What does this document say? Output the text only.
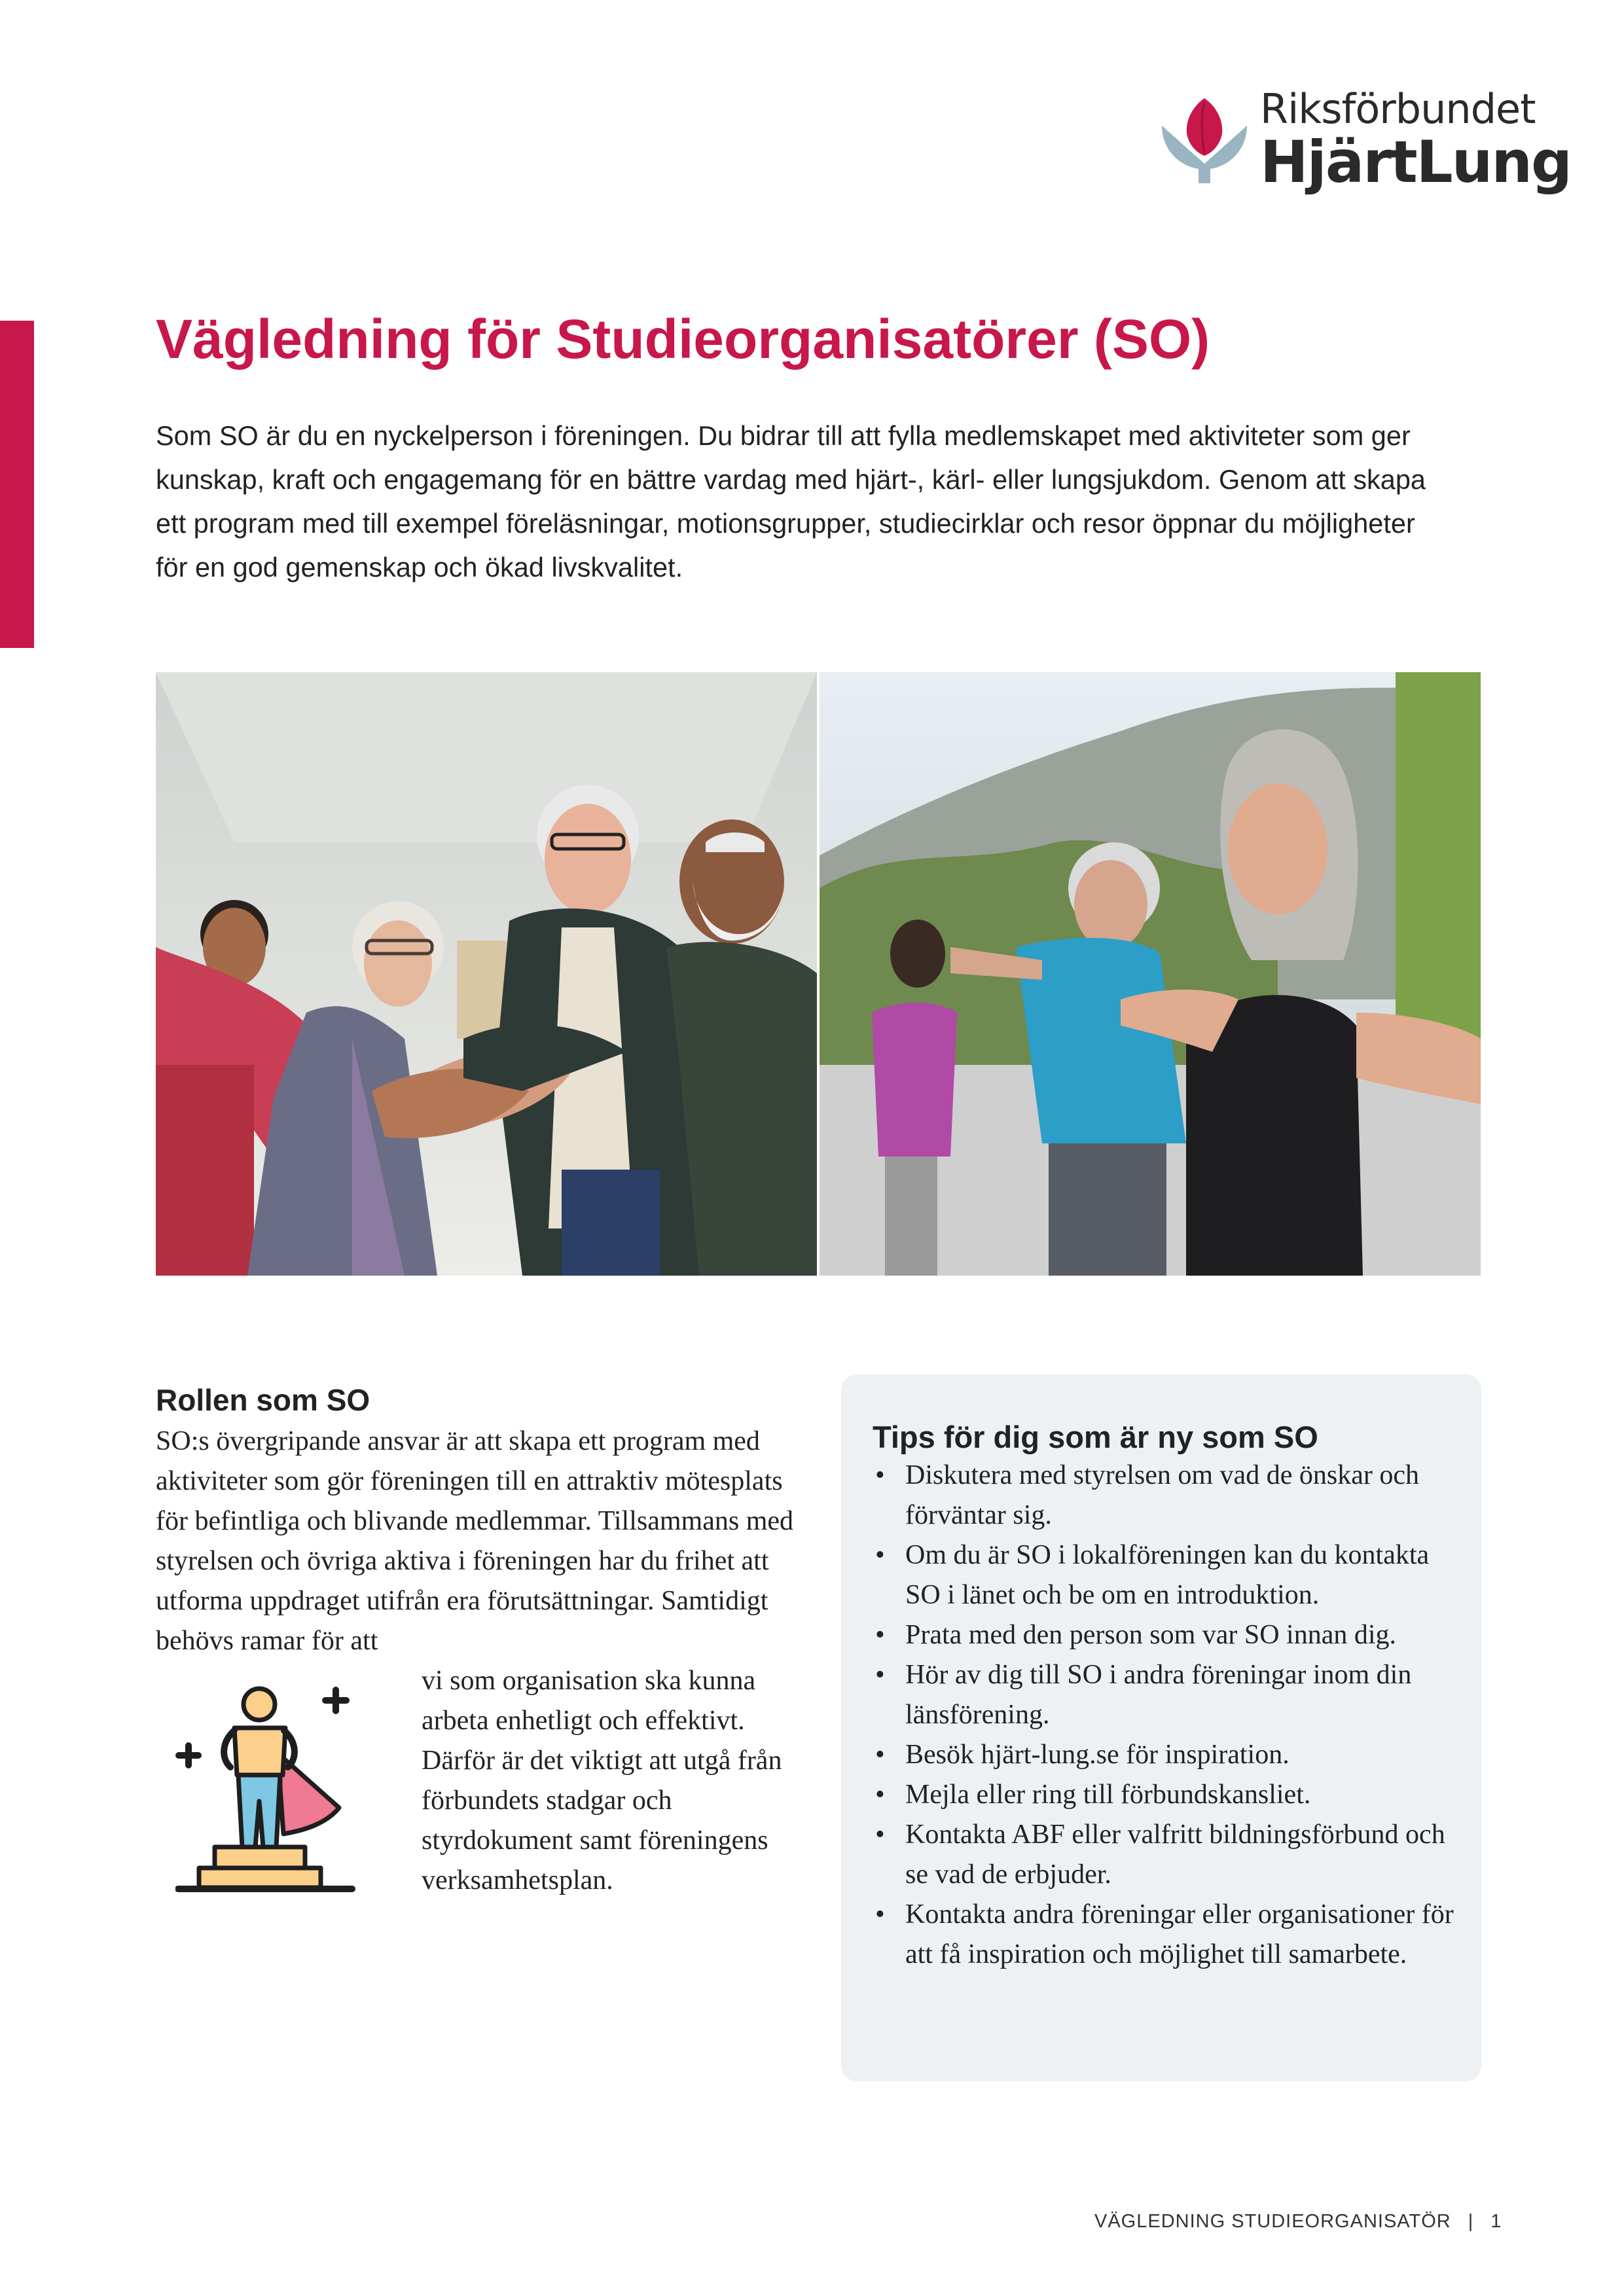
Riksförbundet
HjärtLung
Vägledning för Studieorganisatörer (SO)

Som SO är du en nyckelperson i föreningen. Du bidrar till att fylla medlemskapet med aktiviteter som ger kunskap, kraft och engagemang för en bättre vardag med hjärt-, kärl- eller lungsjukdom. Genom att skapa ett program med till exempel föreläsningar, motionsgrupper, studiecirklar och resor öppnar du möjligheter för en god gemenskap och ökad livskvalitet.

Rollen som SO

SO:s övergripande ansvar är att skapa ett program med aktiviteter som gör föreningen till en attraktiv mötesplats för befintliga och blivande medlemmar. Tillsammans med styrelsen och övriga aktiva i föreningen har du frihet att utforma uppdraget utifrån era förutsättningar. Samtidigt behövs ramar för att

vi som organisation ska kunna arbeta enhetligt och effektivt. Därför är det viktigt att utgå från förbundets stadgar och styrdokument samt föreningens verksamhetsplan.

Tips för dig som är ny som SO
• Diskutera med styrelsen om vad de önskar och förväntar sig.
• Om du är SO i lokalföreningen kan du kontakta SO i länet och be om en introduktion.
• Prata med den person som var SO innan dig.
• Hör av dig till SO i andra föreningar inom din länsförening.
• Besök hjärt-lung.se för inspiration.
• Mejla eller ring till förbundskansliet.
• Kontakta ABF eller valfritt bildningsförbund och se vad de erbjuder.
• Kontakta andra föreningar eller organisationer för att få inspiration och möjlighet till samarbete.
VÄGLEDNING STUDIEORGANISATÖR | 1
